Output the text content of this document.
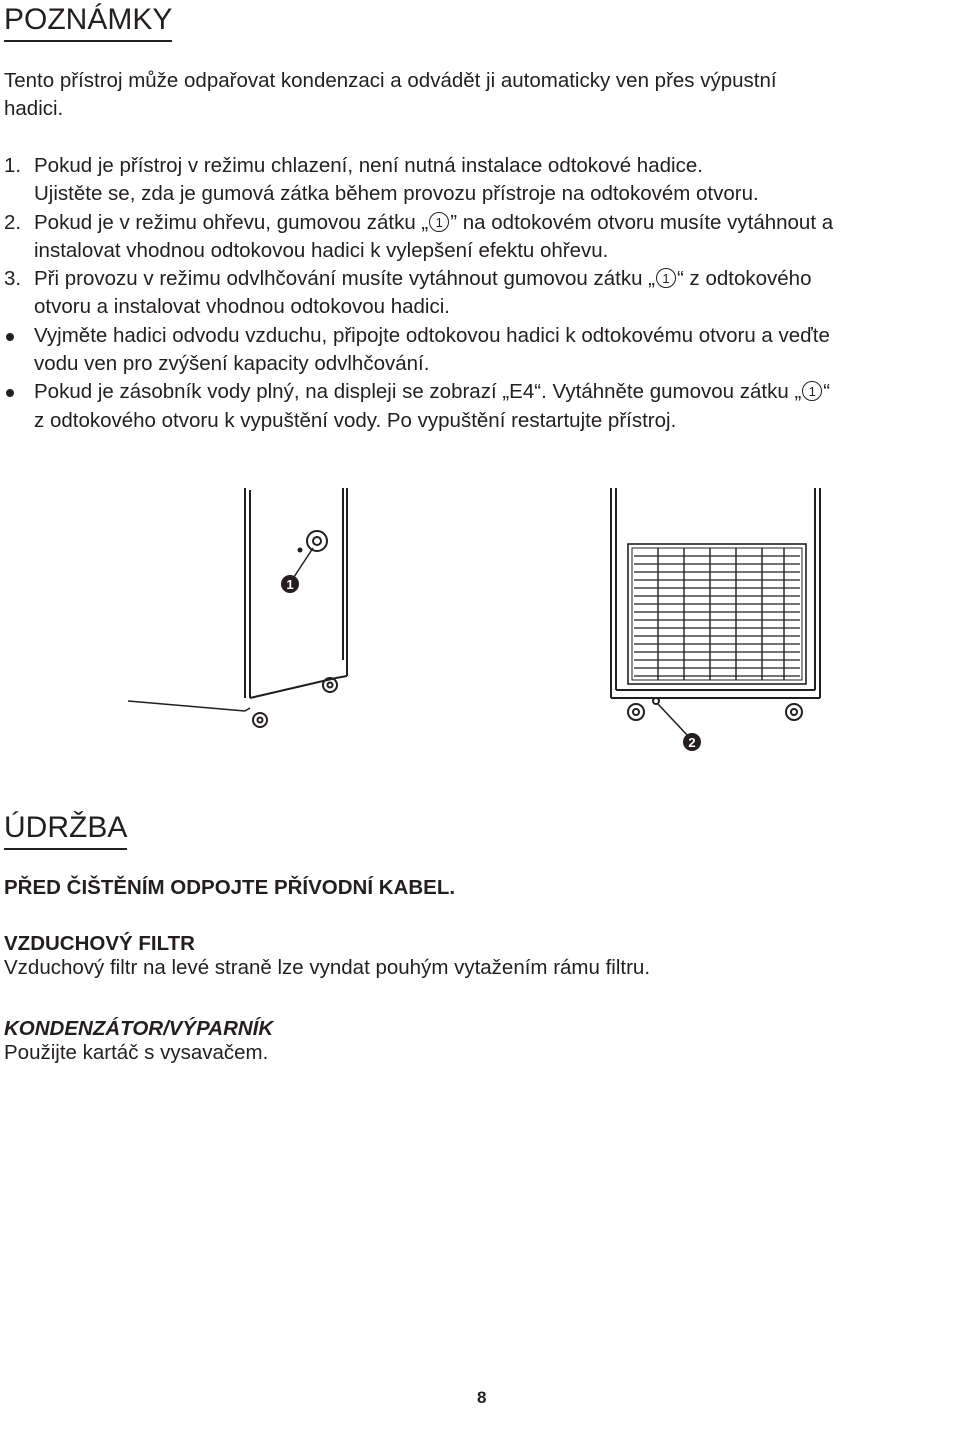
POZNÁMKY

Tento přístroj může odpařovat kondenzaci a odvádět ji automaticky ven přes výpustní
hadici.

1. Pokud je přístroj v režimu chlazení, není nutná instalace odtokové hadice.
Ujistěte se, zda je gumová zátka během provozu přístroje na odtokovém otvoru.
2. Pokud je v režimu ohřevu, gumovou zátku „ 1 ” na odtokovém otvoru musíte vytáhnout a
instalovat vhodnou odtokovou hadici k vylepšení efektu ohřevu.
3. Při provozu v režimu odvlhčování musíte vytáhnout gumovou zátku „ 1 “ z odtokového
otvoru a instalovat vhodnou odtokovou hadici.
Vyjměte hadici odvodu vzduchu, připojte odtokovou hadici k odtokovému otvoru a veďte
vodu ven pro zvýšení kapacity odvlhčování.
Pokud je zásobník vody plný, na displeji se zobrazí „E4“. Vytáhněte gumovou zátku „ 1 “
z odtokového otvoru k vypuštění vody. Po vypuštění restartujte přístroj.
1
2
ÚDRŽBA

PŘED ČIŠTĚNÍM ODPOJTE PŘÍVODNÍ KABEL.

VZDUCHOVÝ FILTR
Vzduchový filtr na levé straně lze vyndat pouhým vytažením rámu filtru.

KONDENZÁTOR/VÝPARNÍK
Použijte kartáč s vysavačem.

8
